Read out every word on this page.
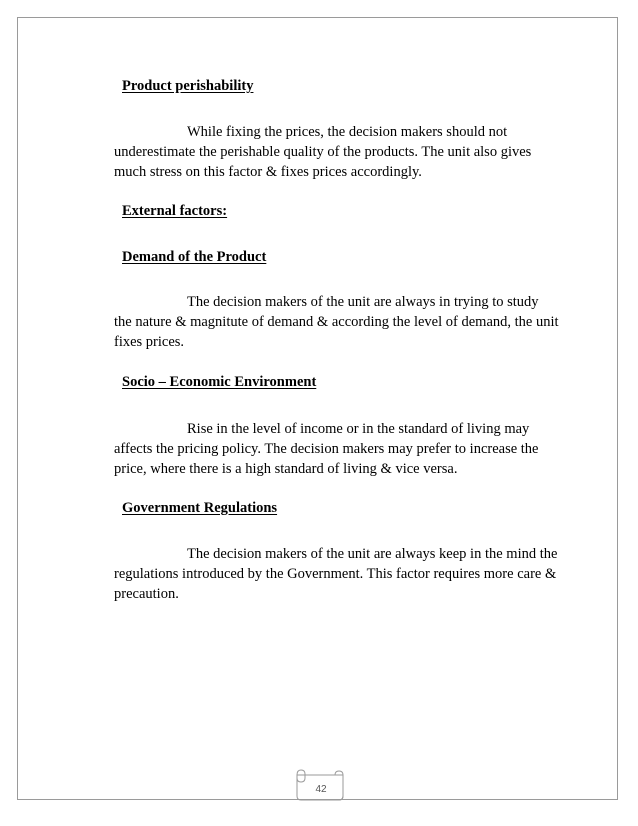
Product perishability

While fixing the prices, the decision makers should not
underestimate the perishable quality of the products. The unit also gives
much stress on this factor & fixes prices accordingly.

External factors:
Demand of the Product

The decision makers of the unit are always in trying to study
the nature & magnitute of demand & according the level of demand, the unit
fixes prices.

Socio – Economic Environment

Rise in the level of income or in the standard of living may
affects the pricing policy. The decision makers may prefer to increase the
price, where there is a high standard of living & vice versa.

Government Regulations

The decision makers of the unit are always keep in the mind the
regulations introduced by the Government. This factor requires more care &
precaution.

42
